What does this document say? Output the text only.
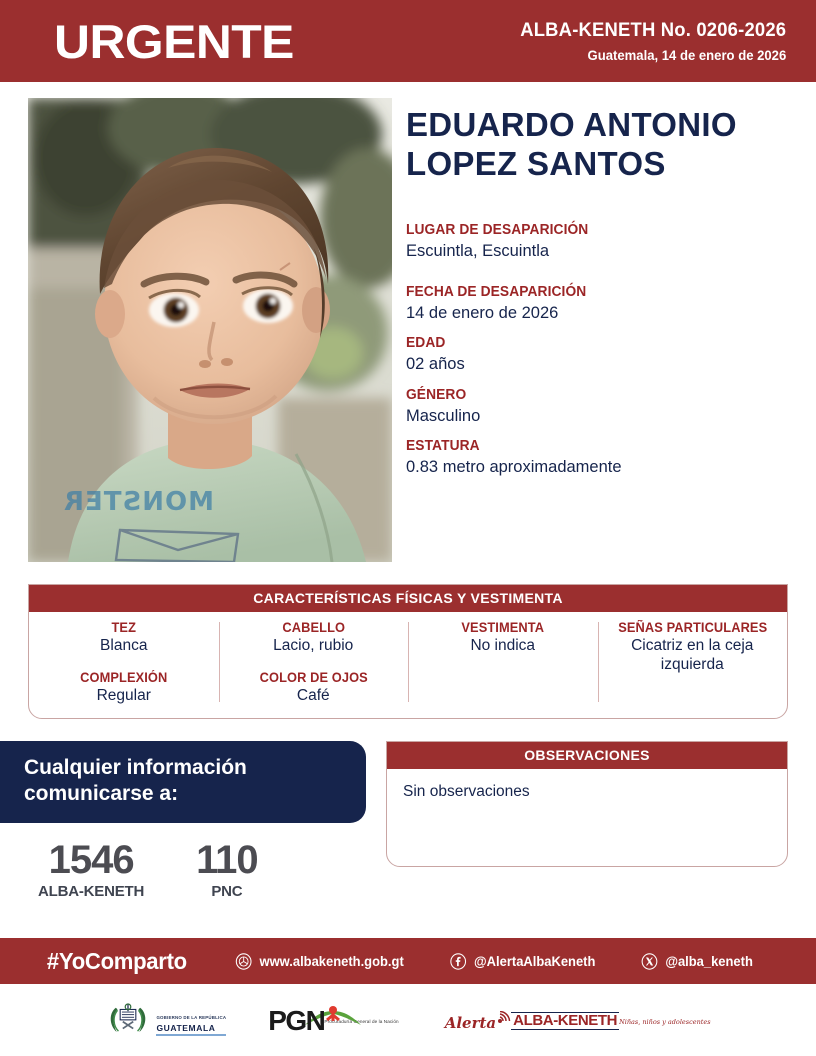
URGENTE	ALBA-KENETH No. 0206-2026
Guatemala, 14 de enero de 2026
MONSTER
EDUARDO ANTONIO
LOPEZ SANTOS
LUGAR DE DESAPARICIÓN
Escuintla, Escuintla
FECHA DE DESAPARICIÓN
14 de enero de 2026
EDAD
02 años
GÉNERO
Masculino
ESTATURA
0.83 metro aproximadamente
CARACTERÍSTICAS FÍSICAS Y VESTIMENTA
TEZ
Blanca
COMPLEXIÓN
Regular
CABELLO
Lacio, rubio
COLOR DE OJOS
Café
VESTIMENTA
No indica
SEÑAS PARTICULARES
Cicatriz en la ceja izquierda
Cualquier información
comunicarse a:
1546
ALBA-KENETH
110
PNC
OBSERVACIONES
Sin observaciones
#YoComparto	www.albakeneth.gob.gt	@AlertaAlbaKeneth	@alba_keneth
GOBIERNO DE LA REPÚBLICA
GUATEMALA	PGN Procuraduría General de la Nación	Alerta ALBA-KENETH Niñas, niños y adolescentes
